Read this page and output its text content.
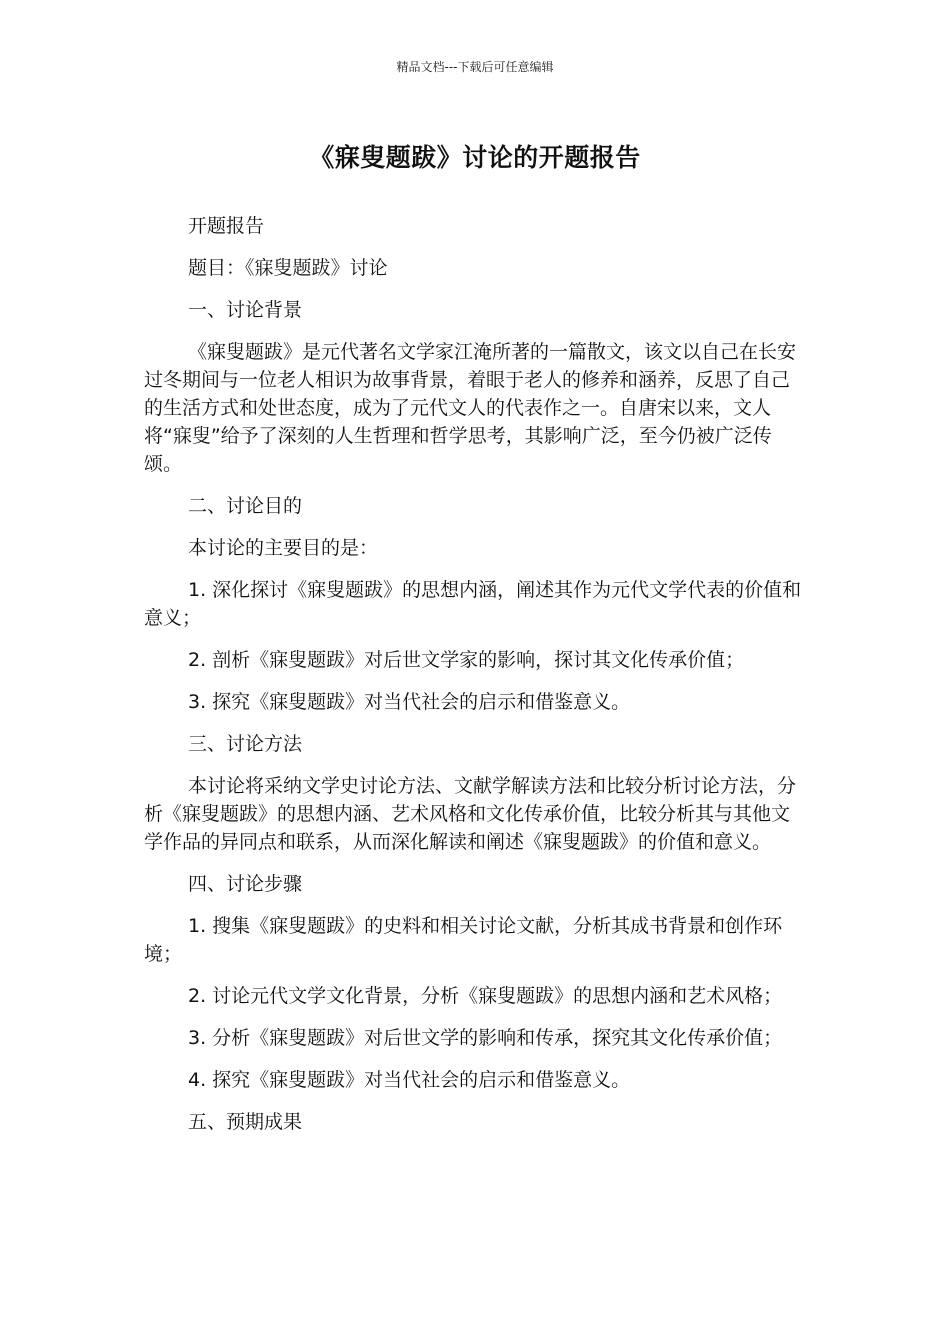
精品文档---下载后可任意编辑
《寐叟题跋》讨论的开题报告

开题报告

题目：《寐叟题跋》讨论

一、讨论背景

《寐叟题跋》是元代著名文学家江淹所著的一篇散文，该文以自己在长安过冬期间与一位老人相识为故事背景，着眼于老人的修养和涵养，反思了自己的生活方式和处世态度，成为了元代文人的代表作之一。自唐宋以来，文人将“寐叟”给予了深刻的人生哲理和哲学思考，其影响广泛，至今仍被广泛传颂。

二、讨论目的

本讨论的主要目的是：

1. 深化探讨《寐叟题跋》的思想内涵，阐述其作为元代文学代表的价值和意义；

2. 剖析《寐叟题跋》对后世文学家的影响，探讨其文化传承价值；

3. 探究《寐叟题跋》对当代社会的启示和借鉴意义。

三、讨论方法

本讨论将采纳文学史讨论方法、文献学解读方法和比较分析讨论方法，分析《寐叟题跋》的思想内涵、艺术风格和文化传承价值，比较分析其与其他文学作品的异同点和联系，从而深化解读和阐述《寐叟题跋》的价值和意义。

四、讨论步骤

1. 搜集《寐叟题跋》的史料和相关讨论文献，分析其成书背景和创作环境；

2. 讨论元代文学文化背景，分析《寐叟题跋》的思想内涵和艺术风格；

3. 分析《寐叟题跋》对后世文学的影响和传承，探究其文化传承价值；

4. 探究《寐叟题跋》对当代社会的启示和借鉴意义。

五、预期成果
